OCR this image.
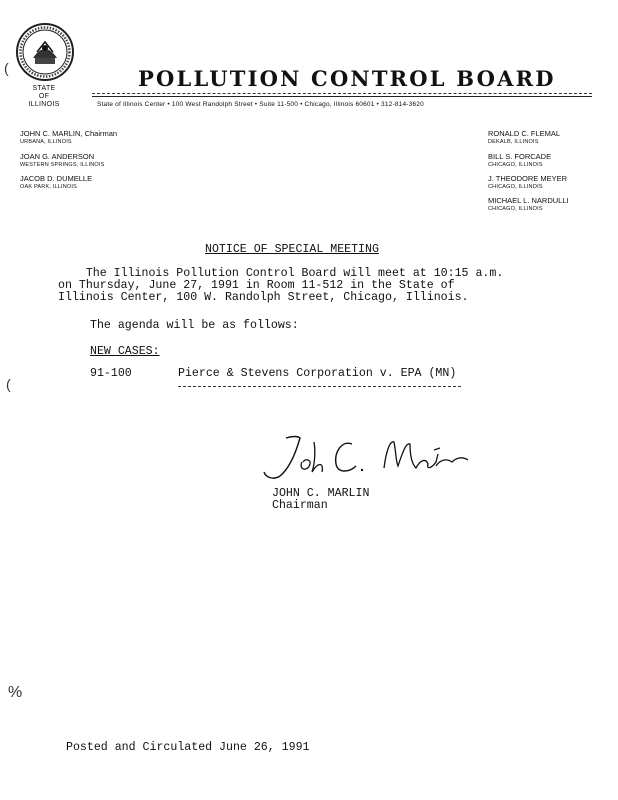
STATE
OF
ILLINOIS
(
(
%
POLLUTION CONTROL BOARD
State of Illinois Center • 100 West Randolph Street • Suite 11-500 • Chicago, Illinois 60601 • 312-814-3620
JOHN C. MARLIN, Chairman
URBANA, ILLINOIS
JOAN G. ANDERSON
WESTERN SPRINGS, ILLINOIS
JACOB D. DUMELLE
OAK PARK, ILLINOIS
RONALD C. FLEMAL
DEKALB, ILLINOIS
BILL S. FORCADE
CHICAGO, ILLINOIS
J. THEODORE MEYER
CHICAGO, ILLINOIS
MICHAEL L. NARDULLI
CHICAGO, ILLINOIS
NOTICE OF SPECIAL MEETING
The Illinois Pollution Control Board will meet at 10:15 a.m.
on Thursday, June 27, 1991 in Room 11-512 in the State of
Illinois Center, 100 W. Randolph Street, Chicago, Illinois.
The agenda will be as follows:
NEW CASES:
91-100	Pierce & Stevens Corporation v. EPA (MN)
JOHN C. MARLIN
Chairman
Posted and Circulated June 26, 1991
